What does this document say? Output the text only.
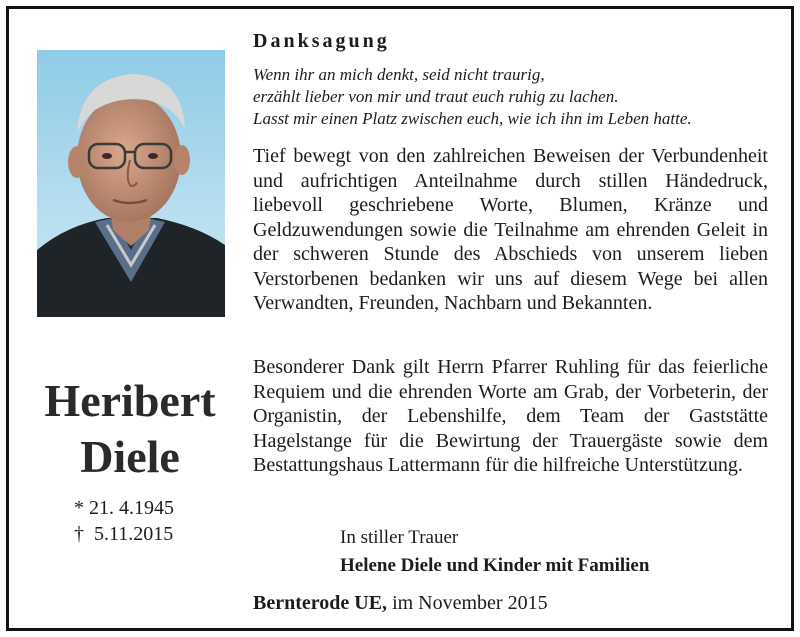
Heribert
Diele
* 21. 4.1945
†  5.11.2015
Danksagung
Wenn ihr an mich denkt, seid nicht traurig,
erzählt lieber von mir und traut euch ruhig zu lachen.
Lasst mir einen Platz zwischen euch, wie ich ihn im Leben hatte.
Tief bewegt von den zahlreichen Beweisen der Verbundenheit und aufrichtigen Anteilnahme durch stillen Händedruck, liebevoll geschriebene Worte, Blumen, Kränze und Geldzuwendungen sowie die Teilnahme am ehrenden Geleit in der schweren Stunde des Abschieds von unserem lieben Verstorbenen bedanken wir uns auf diesem Wege bei allen Verwandten, Freunden, Nachbarn und Bekannten.
Besonderer Dank gilt Herrn Pfarrer Ruhling für das feierliche Requiem und die ehrenden Worte am Grab, der Vorbeterin, der Organistin, der Lebenshilfe, dem Team der Gaststätte Hagelstange für die Bewirtung der Trauergäste sowie dem Bestattungshaus Lattermann für die hilfreiche Unterstützung.
In stiller Trauer
Helene Diele und Kinder mit Familien
Bernterode UE, im November 2015
